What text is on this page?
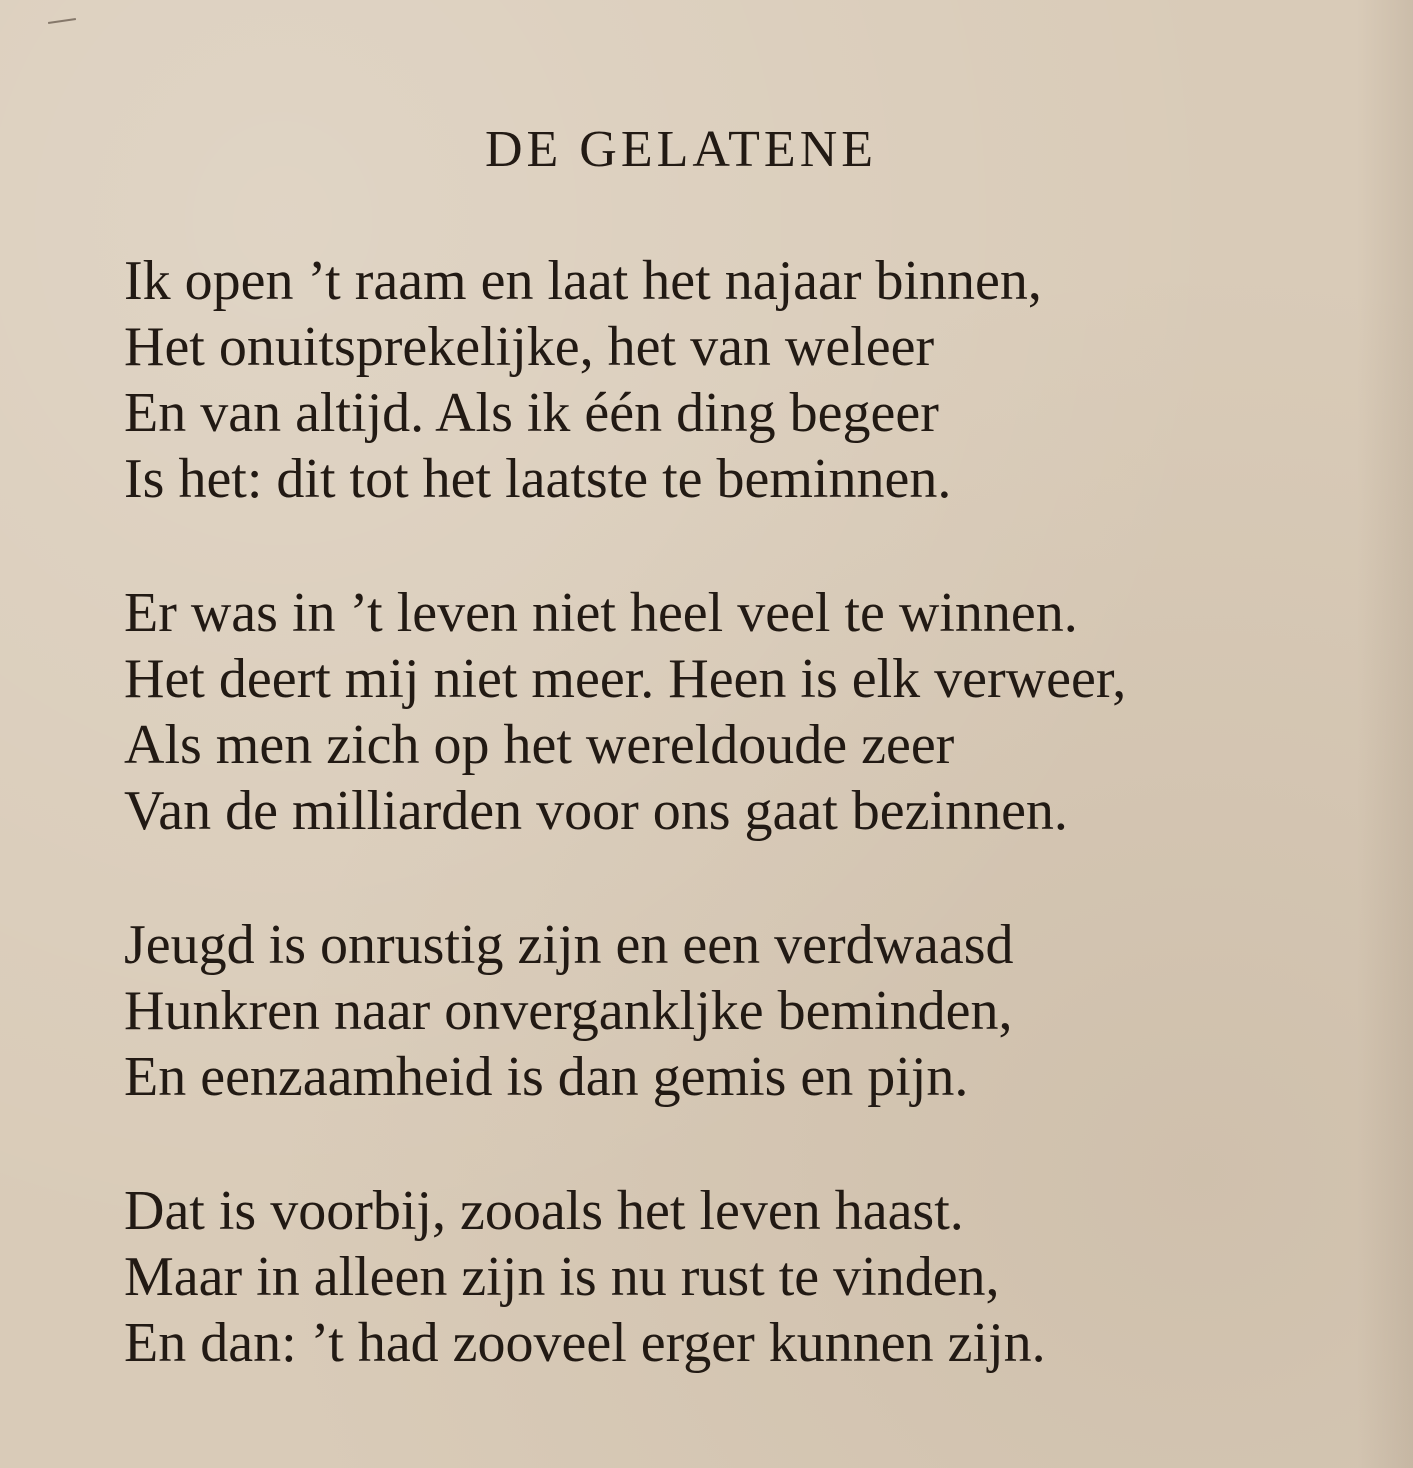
DE GELATENE
Ik open ’t raam en laat het najaar binnen,
Het onuitsprekelijke, het van weleer
En van altijd. Als ik één ding begeer
Is het: dit tot het laatste te beminnen.
Er was in ’t leven niet heel veel te winnen.
Het deert mij niet meer. Heen is elk verweer,
Als men zich op het wereldoude zeer
Van de milliarden voor ons gaat bezinnen.
Jeugd is onrustig zijn en een verdwaasd
Hunkren naar onvergankljke beminden,
En eenzaamheid is dan gemis en pijn.
Dat is voorbij, zooals het leven haast.
Maar in alleen zijn is nu rust te vinden,
En dan: ’t had zooveel erger kunnen zijn.
